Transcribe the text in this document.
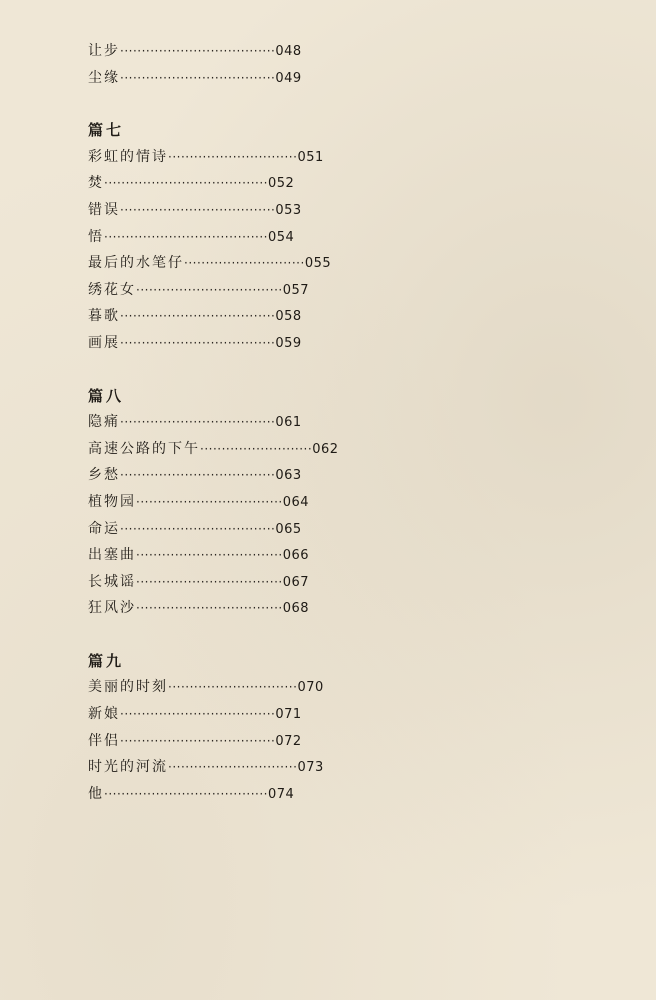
让步····································048
尘缘····································049
篇七
彩虹的情诗······························051
焚······································052
错误····································053
悟······································054
最后的水笔仔····························055
绣花女··································057
暮歌····································058
画展····································059
篇八
隐痛····································061
高速公路的下午··························062
乡愁····································063
植物园··································064
命运····································065
出塞曲··································066
长城谣··································067
狂风沙··································068
篇九
美丽的时刻······························070
新娘····································071
伴侣····································072
时光的河流······························073
他······································074
